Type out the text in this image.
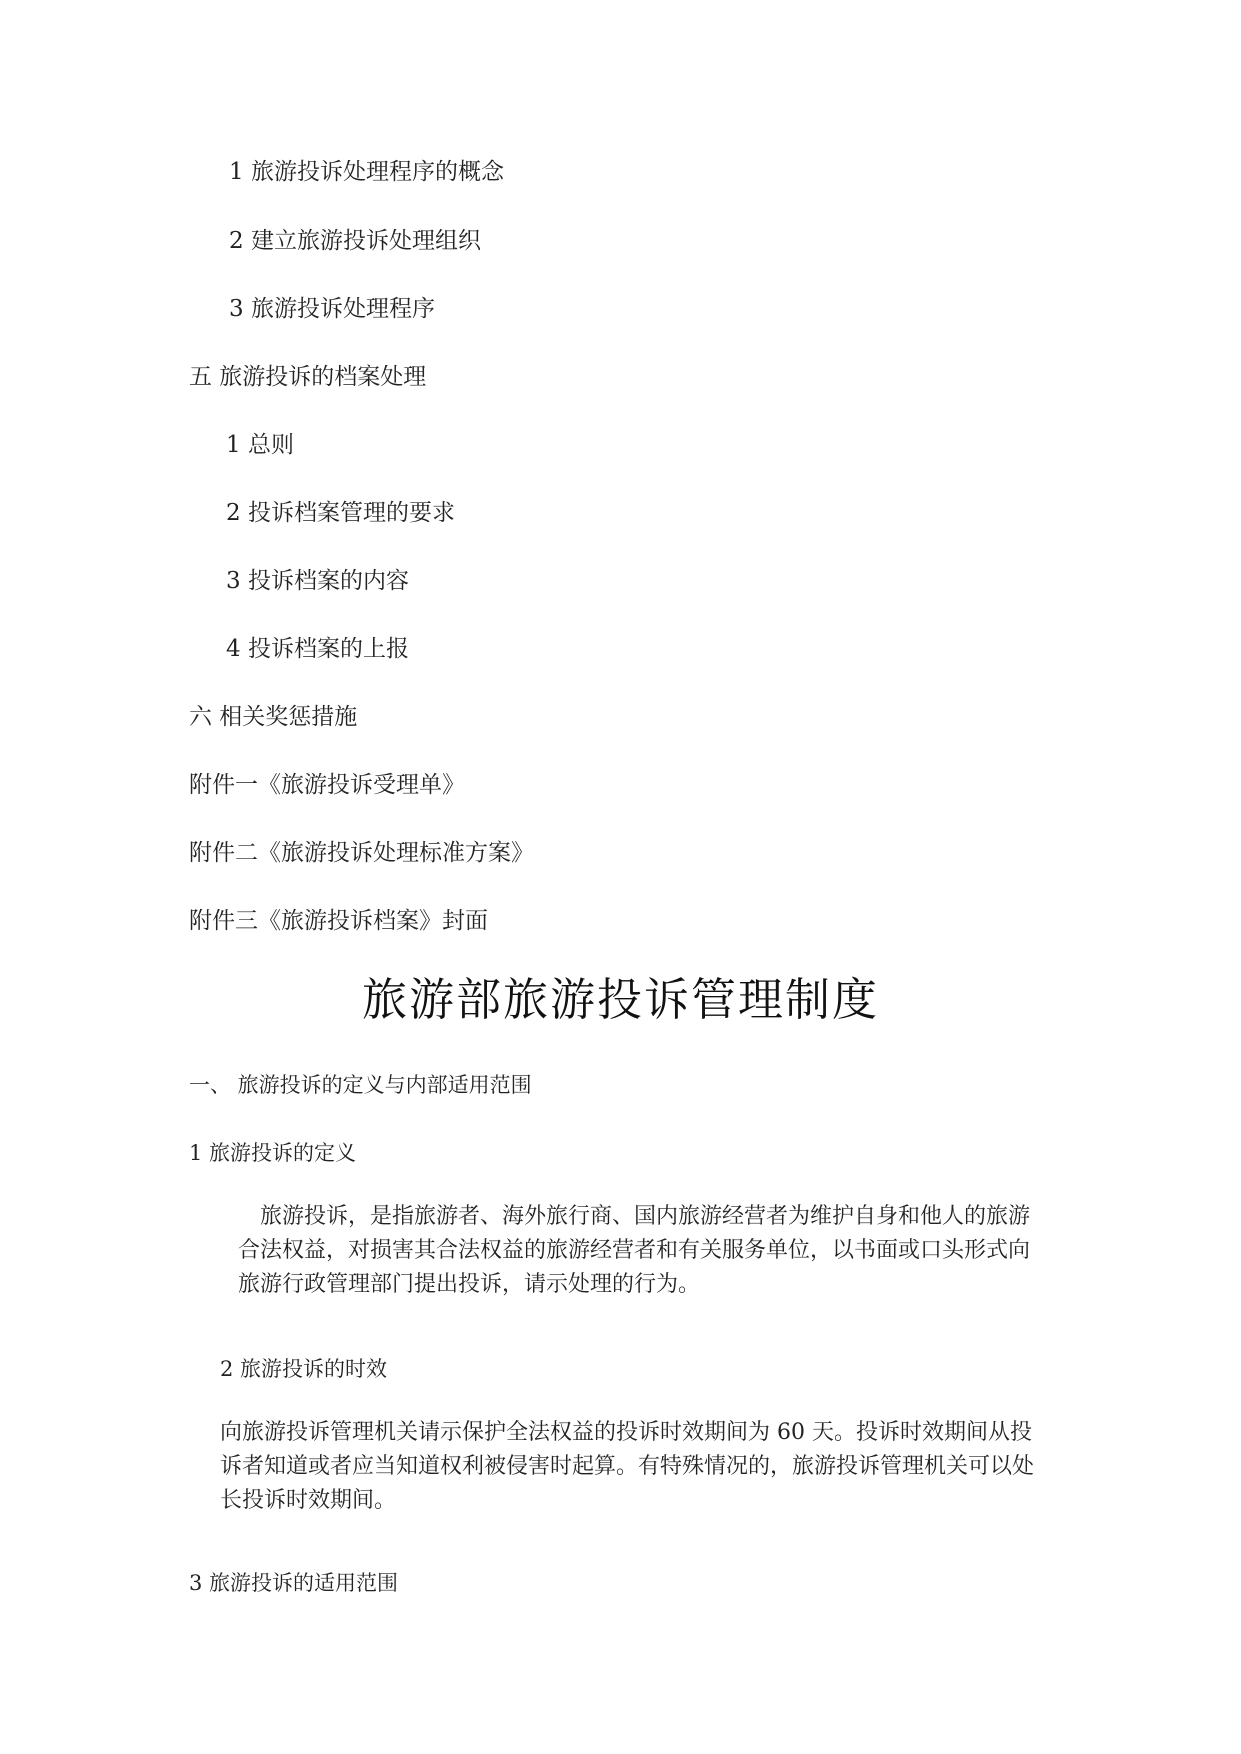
1 旅游投诉处理程序的概念
2 建立旅游投诉处理组织
3 旅游投诉处理程序
五 旅游投诉的档案处理
1 总则
2 投诉档案管理的要求
3 投诉档案的内容
4 投诉档案的上报
六 相关奖惩措施
附件一《旅游投诉受理单》
附件二《旅游投诉处理标准方案》
附件三《旅游投诉档案》封面
旅游部旅游投诉管理制度
一、 旅游投诉的定义与内部适用范围
1 旅游投诉的定义
旅游投诉，是指旅游者、海外旅行商、国内旅游经营者为维护自身和他人的旅游合法权益，对损害其合法权益的旅游经营者和有关服务单位，以书面或口头形式向旅游行政管理部门提出投诉，请示处理的行为。
2 旅游投诉的时效
向旅游投诉管理机关请示保护全法权益的投诉时效期间为 60 天。投诉时效期间从投诉者知道或者应当知道权利被侵害时起算。有特殊情况的，旅游投诉管理机关可以处长投诉时效期间。
3 旅游投诉的适用范围
